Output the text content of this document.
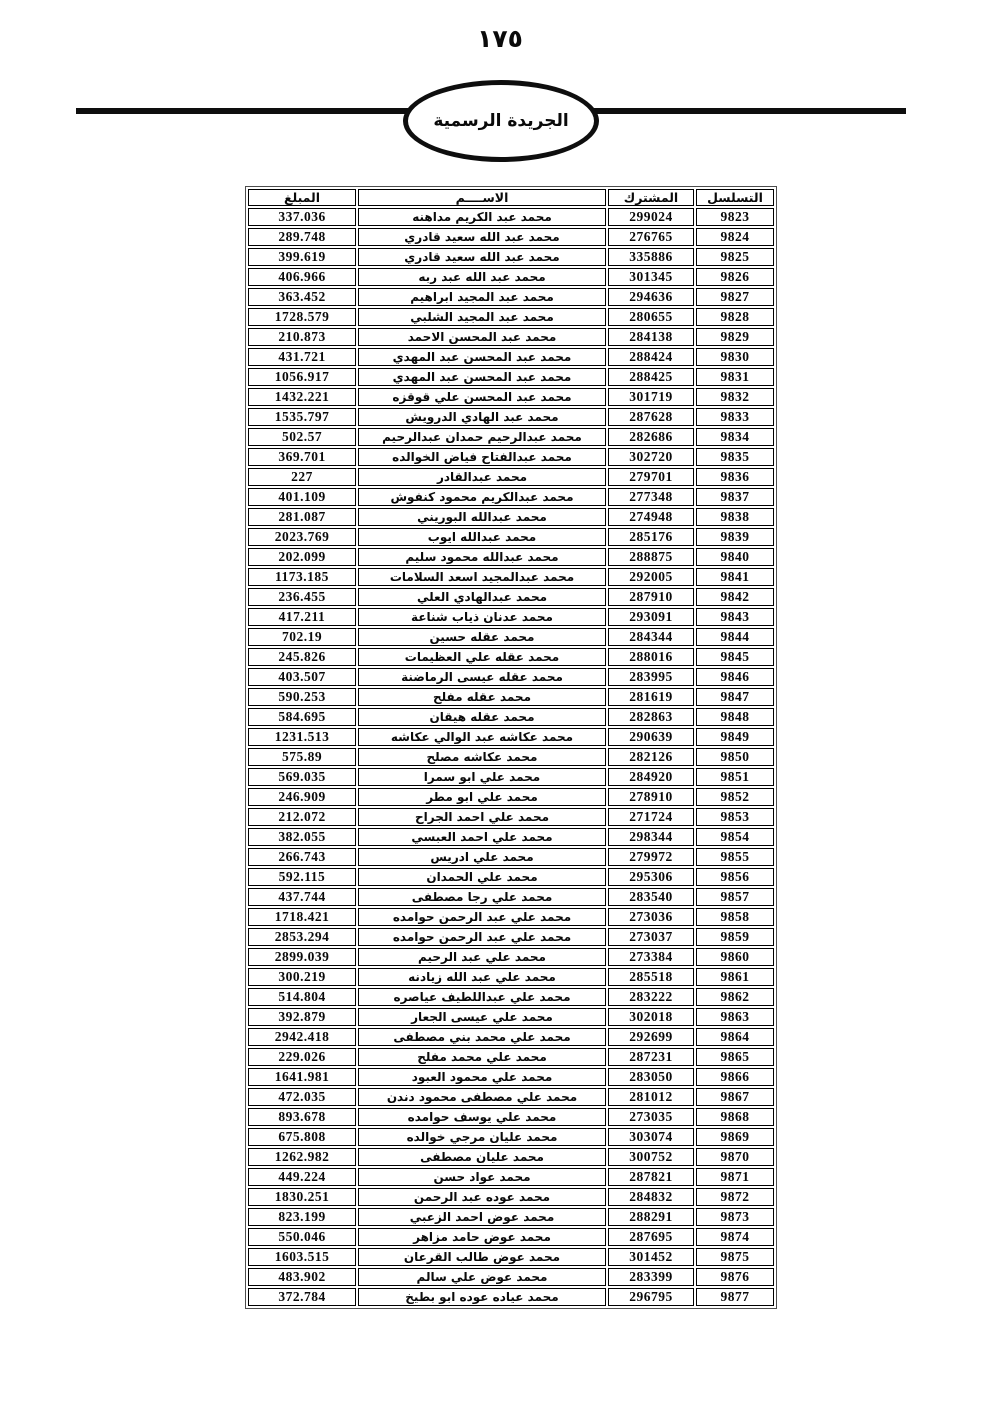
١٧٥
الجريدة الرسمية
التسلسل	المشترك	الاســــم	المبلغ
9823	299024	محمد عبد الكريم مداهنه	337.036
9824	276765	محمد عبد الله سعيد قادري	289.748
9825	335886	محمد عبد الله سعيد قادري	399.619
9826	301345	محمد عبد الله عبد ربه	406.966
9827	294636	محمد عبد المجيد ابراهيم	363.452
9828	280655	محمد عبد المجيد الشلبي	1728.579
9829	284138	محمد عبد المحسن الاحمد	210.873
9830	288424	محمد عبد المحسن عبد المهدي	431.721
9831	288425	محمد عبد المحسن عبد المهدي	1056.917
9832	301719	محمد عبد المحسن علي قوقزه	1432.221
9833	287628	محمد عبد الهادي الدرويش	1535.797
9834	282686	محمد عبدالرحيم حمدان عبدالرحيم	502.57
9835	302720	محمد عبدالفتاح فياض الخوالده	369.701
9836	279701	محمد عبدالقادر	227
9837	277348	محمد عبدالكريم محمود كنفوش	401.109
9838	274948	محمد عبدالله البوريني	281.087
9839	285176	محمد عبدالله ايوب	2023.769
9840	288875	محمد عبدالله محمود سليم	202.099
9841	292005	محمد عبدالمجيد اسعد السلامات	1173.185
9842	287910	محمد عبدالهادي العلي	236.455
9843	293091	محمد عدنان ذياب شناعة	417.211
9844	284344	محمد عقله حسين	702.19
9845	288016	محمد عقله علي العظيمات	245.826
9846	283995	محمد عقله عيسى الرماضنة	403.507
9847	281619	محمد عقله مفلح	590.253
9848	282863	محمد عقله هيقان	584.695
9849	290639	محمد عكاشه عبد الوالي عكاشه	1231.513
9850	282126	محمد عكاشه مصلح	575.89
9851	284920	محمد علي ابو سمرا	569.035
9852	278910	محمد علي ابو مطر	246.909
9853	271724	محمد علي احمد الجراح	212.072
9854	298344	محمد علي احمد العبسي	382.055
9855	279972	محمد علي ادريس	266.743
9856	295306	محمد علي الحمدان	592.115
9857	283540	محمد علي رجا مصطفى	437.744
9858	273036	محمد علي عبد الرحمن حوامده	1718.421
9859	273037	محمد علي عبد الرحمن حوامده	2853.294
9860	273384	محمد علي عبد الرحيم	2899.039
9861	285518	محمد علي عبد الله زيادنه	300.219
9862	283222	محمد علي عبداللطيف عياصره	514.804
9863	302018	محمد علي عيسى الجعار	392.879
9864	292699	محمد علي محمد بني مصطفى	2942.418
9865	287231	محمد علي محمد مفلح	229.026
9866	283050	محمد علي محمود العبود	1641.981
9867	281012	محمد علي مصطفى محمود دندن	472.035
9868	273035	محمد علي يوسف حوامده	893.678
9869	303074	محمد عليان مرجي خوالده	675.808
9870	300752	محمد عليان مصطفى	1262.982
9871	287821	محمد عواد حسن	449.224
9872	284832	محمد عوده عبد الرحمن	1830.251
9873	288291	محمد عوض احمد الزعبي	823.199
9874	287695	محمد عوض حامد مزاهر	550.046
9875	301452	محمد عوض طالب القرعان	1603.515
9876	283399	محمد عوض علي سالم	483.902
9877	296795	محمد عياده عوده ابو بطيخ	372.784
